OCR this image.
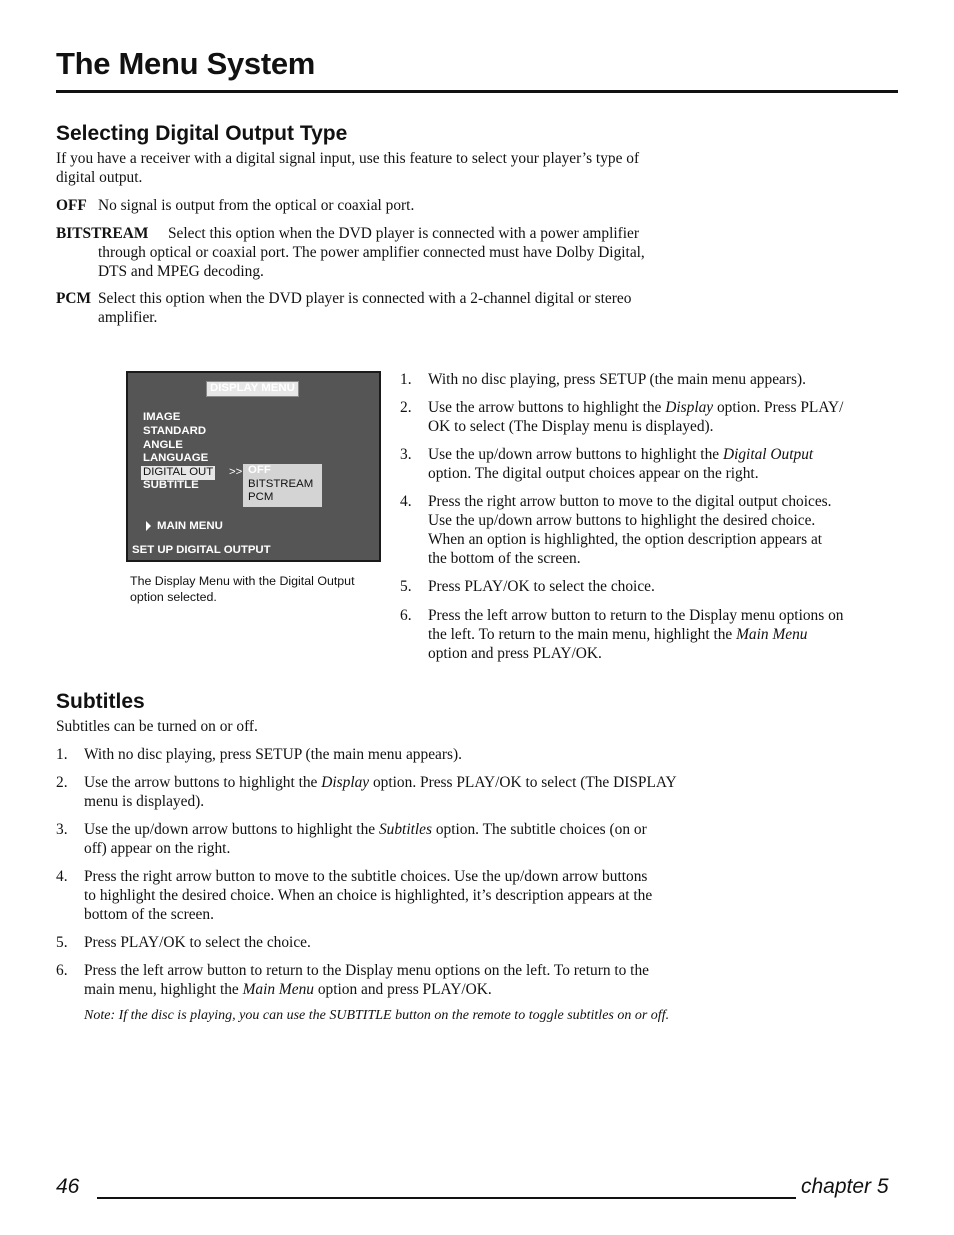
The Menu System
Selecting Digital Output Type

If you have a receiver with a digital signal input, use this feature to select your player’s type of

digital output.

OFF No signal is output from the optical or coaxial port.
BITSTREAM Select this option when the DVD player is connected with a power amplifier
through optical or coaxial port. The power amplifier connected must have Dolby Digital,
DTS and MPEG decoding.
PCM Select this option when the DVD player is connected with a 2-channel digital or stereo
amplifier.
DISPLAY MENU
IMAGE
STANDARD
ANGLE
LANGUAGE
DIGITAL OUT
SUBTITLE
>> OFF
BITSTREAM
PCM
MAIN MENU
SET UP DIGITAL OUTPUT

The Display Menu with the Digital Output

option selected.

1.	With no disc playing, press SETUP (the main menu appears).
2.	Use the arrow buttons to highlight the Display option. Press PLAY/
OK to select (The Display menu is displayed).
3.	Use the up/down arrow buttons to highlight the Digital Output
option. The digital output choices appear on the right.
4.	Press the right arrow button to move to the digital output choices.
Use the up/down arrow buttons to highlight the desired choice.
When an option is highlighted, the option description appears at
the bottom of the screen.
5.	Press PLAY/OK to select the choice.
6.	Press the left arrow button to return to the Display menu options on
the left. To return to the main menu, highlight the Main Menu
option and press PLAY/OK.
Subtitles
Subtitles can be turned on or off.
1.	With no disc playing, press SETUP (the main menu appears).
2.	Use the arrow buttons to highlight the Display option. Press PLAY/OK to select (The DISPLAY
menu is displayed).
3.	Use the up/down arrow buttons to highlight the Subtitles option. The subtitle choices (on or
off) appear on the right.
4.	Press the right arrow button to move to the subtitle choices. Use the up/down arrow buttons
to highlight the desired choice. When an choice is highlighted, it’s description appears at the
bottom of the screen.
5.	Press PLAY/OK to select the choice.
6.	Press the left arrow button to return to the Display menu options on the left. To return to the
main menu, highlight the Main Menu option and press PLAY/OK.
Note: If the disc is playing, you can use the SUBTITLE button on the remote to toggle subtitles on or off.
46	chapter 5
